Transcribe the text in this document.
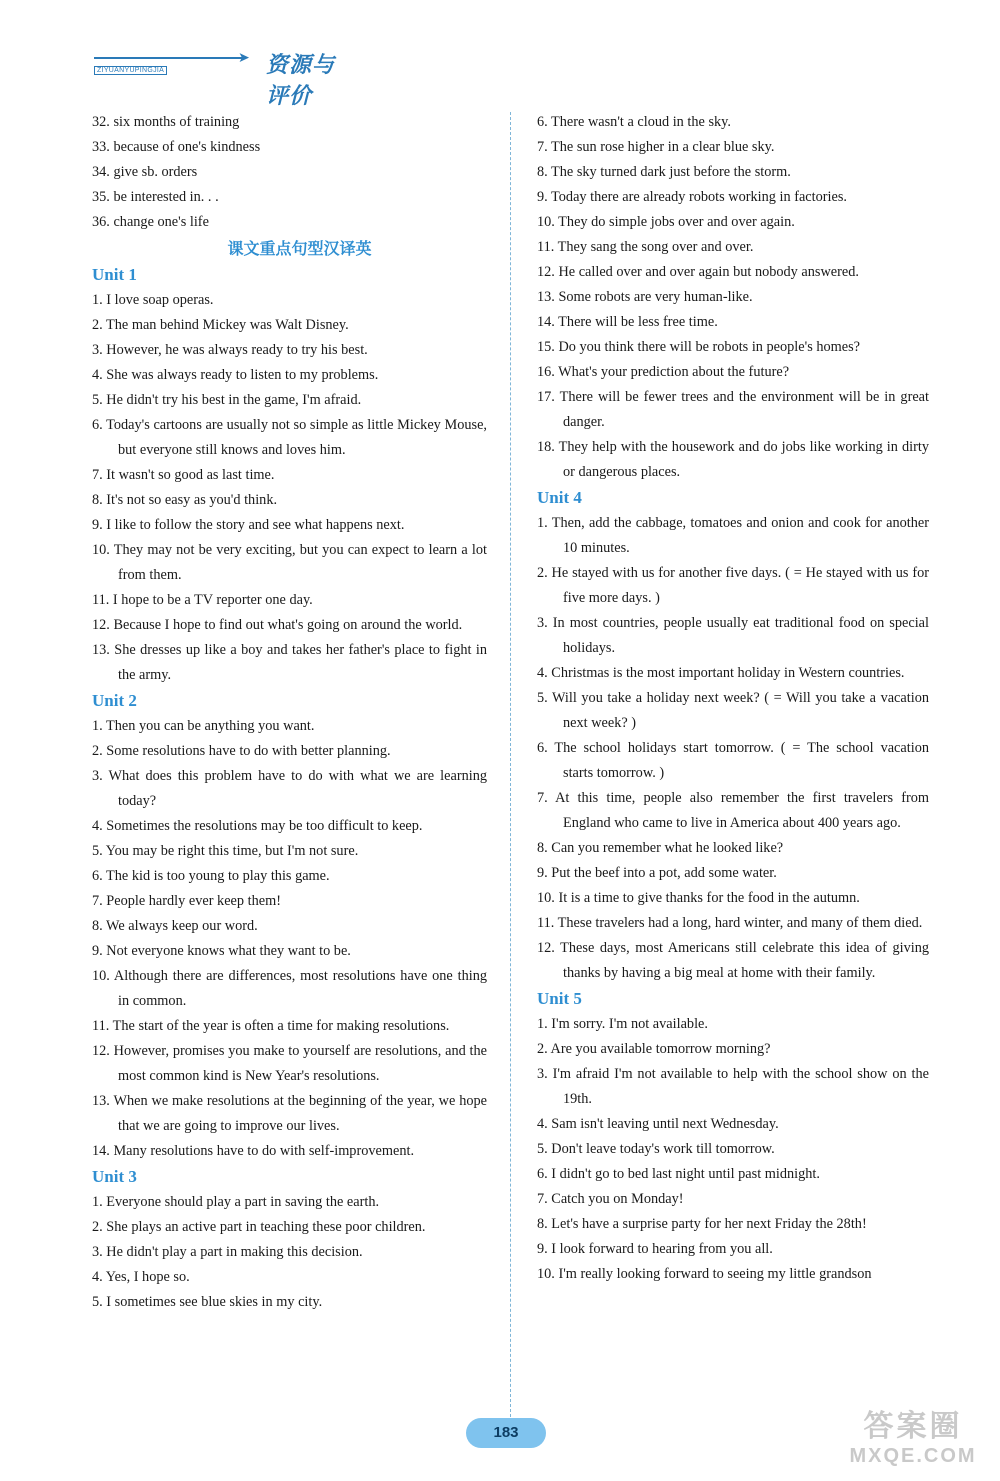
➤
ZIYUANYUPINGJIA	资源与评价
32. six months of training
33. because of one's kindness
34. give sb. orders
35. be interested in. . .
36. change one's life
课文重点句型汉译英
Unit 1
1. I love soap operas.
2. The man behind Mickey was Walt Disney.
3. However, he was always ready to try his best.
4. She was always ready to listen to my problems.
5. He didn't try his best in the game, I'm afraid.
6. Today's cartoons are usually not so simple as little Mickey Mouse, but everyone still knows and loves him.
7. It wasn't so good as last time.
8. It's not so easy as you'd think.
9. I like to follow the story and see what happens next.
10. They may not be very exciting, but you can expect to learn a lot from them.
11. I hope to be a TV reporter one day.
12. Because I hope to find out what's going on around the world.
13. She dresses up like a boy and takes her father's place to fight in the army.
Unit 2
1. Then you can be anything you want.
2. Some resolutions have to do with better planning.
3. What does this problem have to do with what we are learning today?
4. Sometimes the resolutions may be too difficult to keep.
5. You may be right this time, but I'm not sure.
6. The kid is too young to play this game.
7. People hardly ever keep them!
8. We always keep our word.
9. Not everyone knows what they want to be.
10. Although there are differences, most resolutions have one thing in common.
11. The start of the year is often a time for making resolutions.
12. However, promises you make to yourself are resolutions, and the most common kind is New Year's resolutions.
13. When we make resolutions at the beginning of the year, we hope that we are going to improve our lives.
14. Many resolutions have to do with self-improvement.
Unit 3
1. Everyone should play a part in saving the earth.
2. She plays an active part in teaching these poor children.
3. He didn't play a part in making this decision.
4. Yes, I hope so.
5. I sometimes see blue skies in my city.
6. There wasn't a cloud in the sky.
7. The sun rose higher in a clear blue sky.
8. The sky turned dark just before the storm.
9. Today there are already robots working in factories.
10. They do simple jobs over and over again.
11. They sang the song over and over.
12. He called over and over again but nobody answered.
13. Some robots are very human-like.
14. There will be less free time.
15. Do you think there will be robots in people's homes?
16. What's your prediction about the future?
17. There will be fewer trees and the environment will be in great danger.
18. They help with the housework and do jobs like working in dirty or dangerous places.
Unit 4
1. Then, add the cabbage, tomatoes and onion and cook for another 10 minutes.
2. He stayed with us for another five days. ( = He stayed with us for five more days. )
3. In most countries, people usually eat traditional food on special holidays.
4. Christmas is the most important holiday in Western countries.
5. Will you take a holiday next week? ( = Will you take a vacation next week? )
6. The school holidays start tomorrow. ( = The school vacation starts tomorrow. )
7. At this time, people also remember the first travelers from England who came to live in America about 400 years ago.
8. Can you remember what he looked like?
9. Put the beef into a pot, add some water.
10. It is a time to give thanks for the food in the autumn.
11. These travelers had a long, hard winter, and many of them died.
12. These days, most Americans still celebrate this idea of giving thanks by having a big meal at home with their family.
Unit 5
1. I'm sorry. I'm not available.
2. Are you available tomorrow morning?
3. I'm afraid I'm not available to help with the school show on the 19th.
4. Sam isn't leaving until next Wednesday.
5. Don't leave today's work till tomorrow.
6. I didn't go to bed last night until past midnight.
7. Catch you on Monday!
8. Let's have a surprise party for her next Friday the 28th!
9. I look forward to hearing from you all.
10. I'm really looking forward to seeing my little grandson
183	答案圈
MXQE.COM
